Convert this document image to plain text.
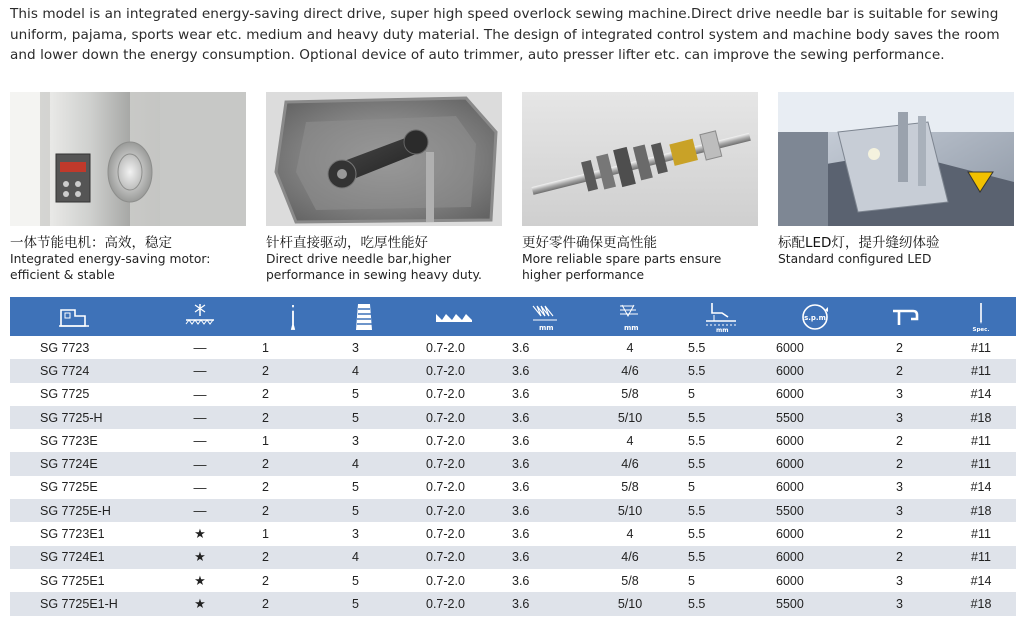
This model is an integrated energy-saving direct drive, super high speed overlock sewing machine.Direct drive needle bar is suitable for sewing uniform, pajama, sports wear etc. medium and heavy duty material. The design of integrated control system and machine body saves the room and lower down the energy consumption. Optional device of auto trimmer, auto presser lifter etc. can improve the sewing performance.

一体节能电机：高效，稳定
Integrated energy-saving motor:
efficient & stable
针杆直接驱动，吃厚性能好
Direct drive needle bar,higher
performance in sewing heavy duty.
更好零件确保更高性能
More reliable spare parts ensure
higher performance
标配LED灯，提升缝纫体验
Standard configured LED

mm	mm	mm	s.p.m		Spec.

SG 7723	—	1	3	0.7-2.0	3.6	4	5.5	6000	2	#11
SG 7724	—	2	4	0.7-2.0	3.6	4/6	5.5	6000	2	#11
SG 7725	—	2	5	0.7-2.0	3.6	5/8	5	6000	3	#14
SG 7725-H	—	2	5	0.7-2.0	3.6	5/10	5.5	5500	3	#18
SG 7723E	—	1	3	0.7-2.0	3.6	4	5.5	6000	2	#11
SG 7724E	—	2	4	0.7-2.0	3.6	4/6	5.5	6000	2	#11
SG 7725E	—	2	5	0.7-2.0	3.6	5/8	5	6000	3	#14
SG 7725E-H	—	2	5	0.7-2.0	3.6	5/10	5.5	5500	3	#18
SG 7723E1	★	1	3	0.7-2.0	3.6	4	5.5	6000	2	#11
SG 7724E1	★	2	4	0.7-2.0	3.6	4/6	5.5	6000	2	#11
SG 7725E1	★	2	5	0.7-2.0	3.6	5/8	5	6000	3	#14
SG 7725E1-H	★	2	5	0.7-2.0	3.6	5/10	5.5	5500	3	#18
